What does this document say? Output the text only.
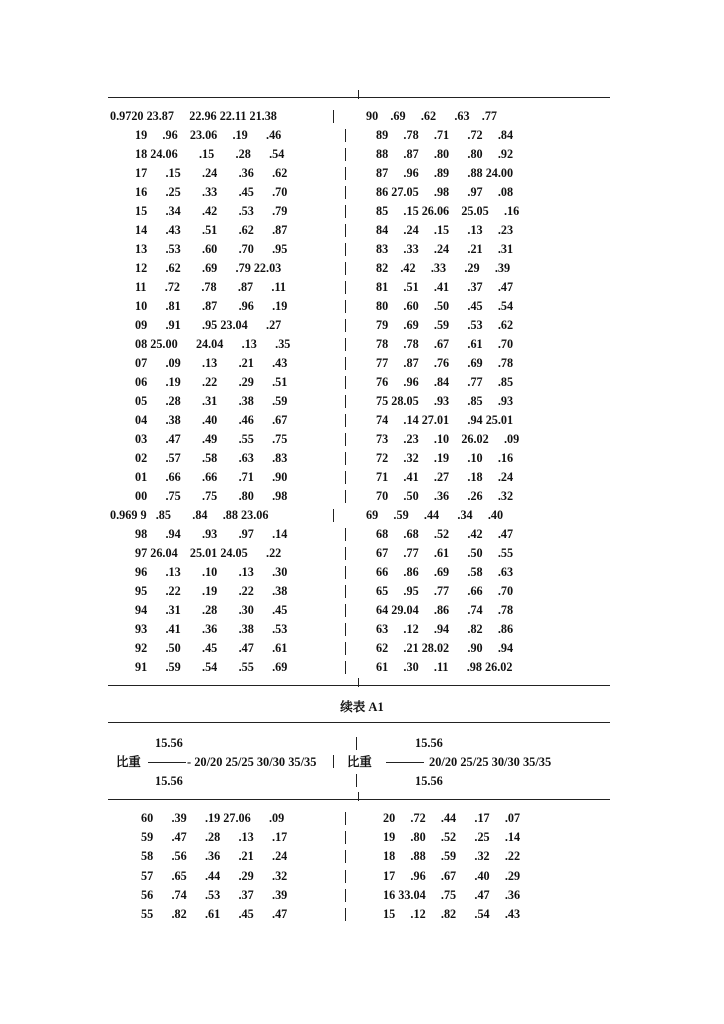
0.9720 23.87     22.96 22.11 21.38	90    .69     .62      .63    .77
19     .96    23.06     .19      .46	89     .78     .71      .72     .84
18 24.06       .15       .28      .54	88     .87     .80      .80     .92
17      .15       .24       .36      .62	87     .96     .89      .88 24.00
16      .25       .33       .45      .70	86 27.05     .98      .97     .08
15      .34       .42       .53      .79	85     .15 26.06    25.05     .16
14      .43       .51       .62      .87	84     .24     .15      .13     .23
13      .53       .60       .70      .95	83     .33     .24      .21     .31
12      .62       .69      .79 22.03	82    .42     .33      .29     .39
11      .72       .78       .87      .11	81     .51     .41      .37     .47
10      .81       .87       .96      .19	80     .60     .50      .45     .54
09      .91       .95 23.04      .27	79     .69     .59      .53     .62
08 25.00      24.04      .13      .35	78     .78     .67      .61     .70
07      .09       .13       .21      .43	77     .87     .76      .69     .78
06      .19       .22       .29      .51	76     .96     .84      .77     .85
05      .28       .31       .38      .59	75 28.05     .93      .85     .93
04      .38       .40       .46      .67	74     .14 27.01      .94 25.01
03      .47       .49       .55      .75	73     .23     .10    26.02     .09
02      .57       .58       .63      .83	72     .32     .19      .10     .16
01      .66       .66       .71      .90	71     .41     .27      .18     .24
00      .75       .75       .80      .98	70     .50     .36      .26     .32
0.969 9   .85       .84     .88 23.06	69     .59     .44      .34     .40
98      .94       .93       .97      .14	68     .68     .52      .42     .47
97 26.04    25.01 24.05      .22	67     .77     .61      .50     .55
96      .13       .10       .13      .30	66     .86     .69      .58     .63
95      .22       .19       .22      .38	65     .95     .77      .66     .70
94      .31       .28       .30      .45	64 29.04     .86      .74     .78
93      .41       .36       .38      .53	63     .12     .94      .82     .86
92      .50       .45       .47      .61	62     .21 28.02      .90     .94
91      .59       .54       .55      .69	61     .30     .11      .98 26.02
续表 A1
15.56
比重	- 20/20 25/25 30/30 35/35
15.56
15.56
比重	20/20 25/25 30/30 35/35
15.56
60      .39      .19 27.06      .09	20     .72     .44      .17     .07
59      .47      .28      .13      .17	19     .80     .52      .25     .14
58      .56      .36      .21      .24	18     .88     .59      .32     .22
57      .65      .44      .29      .32	17     .96     .67      .40     .29
56      .74      .53      .37      .39	16 33.04     .75      .47     .36
55      .82      .61      .45      .47	15     .12     .82      .54     .43
